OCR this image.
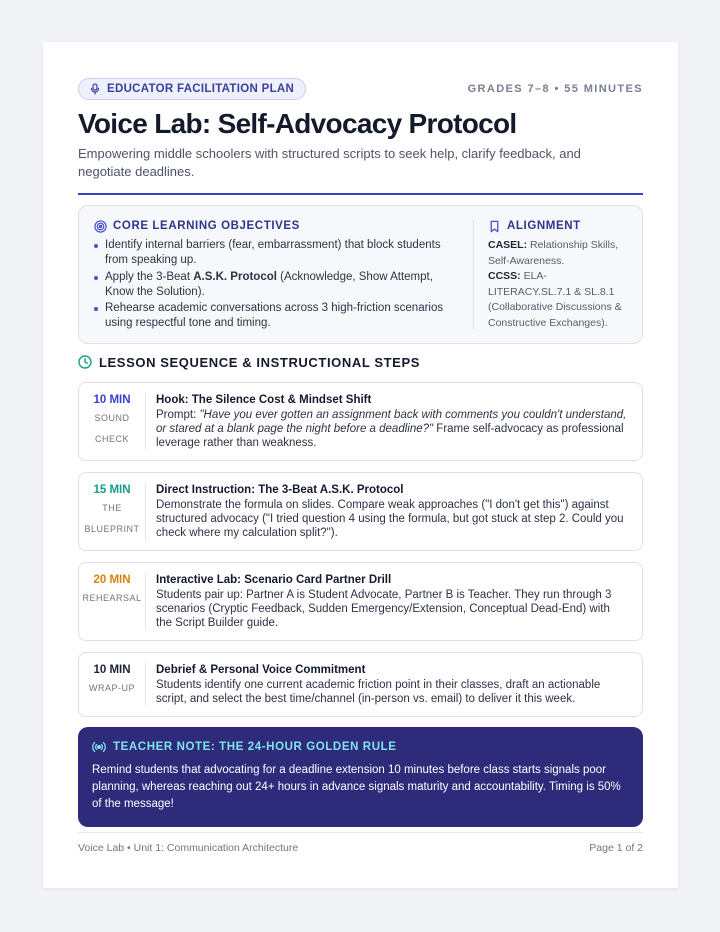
EDUCATOR FACILITATION PLAN	GRADES 7–8 • 55 MINUTES
Voice Lab: Self-Advocacy Protocol

Empowering middle schoolers with structured scripts to seek help, clarify feedback, and negotiate deadlines.

CORE LEARNING OBJECTIVES
Identify internal barriers (fear, embarrassment) that block students from speaking up.
Apply the 3-Beat A.S.K. Protocol (Acknowledge, Show Attempt, Know the Solution).
Rehearse academic conversations across 3 high-friction scenarios using respectful tone and timing.
ALIGNMENT
CASEL: Relationship Skills, Self-Awareness.
CCSS: ELA-LITERACY.SL.7.1 & SL.8.1 (Collaborative Discussions & Constructive Exchanges).
LESSON SEQUENCE & INSTRUCTIONAL STEPS
10 MIN
SOUND
CHECK
Hook: The Silence Cost & Mindset Shift
Prompt: "Have you ever gotten an assignment back with comments you couldn't understand, or stared at a blank page the night before a deadline?" Frame self-advocacy as professional leverage rather than weakness.
15 MIN
THE
BLUEPRINT
Direct Instruction: The 3-Beat A.S.K. Protocol
Demonstrate the formula on slides. Compare weak approaches ("I don't get this") against structured advocacy ("I tried question 4 using the formula, but got stuck at step 2. Could you check where my calculation split?").
20 MIN
REHEARSAL
Interactive Lab: Scenario Card Partner Drill
Students pair up: Partner A is Student Advocate, Partner B is Teacher. They run through 3 scenarios (Cryptic Feedback, Sudden Emergency/Extension, Conceptual Dead-End) with the Script Builder guide.
10 MIN
WRAP-UP
Debrief & Personal Voice Commitment
Students identify one current academic friction point in their classes, draft an actionable script, and select the best time/channel (in-person vs. email) to deliver it this week.
TEACHER NOTE: THE 24-HOUR GOLDEN RULE
Remind students that advocating for a deadline extension 10 minutes before class starts signals poor planning, whereas reaching out 24+ hours in advance signals maturity and accountability. Timing is 50% of the message!
Voice Lab • Unit 1: Communication Architecture	Page 1 of 2
